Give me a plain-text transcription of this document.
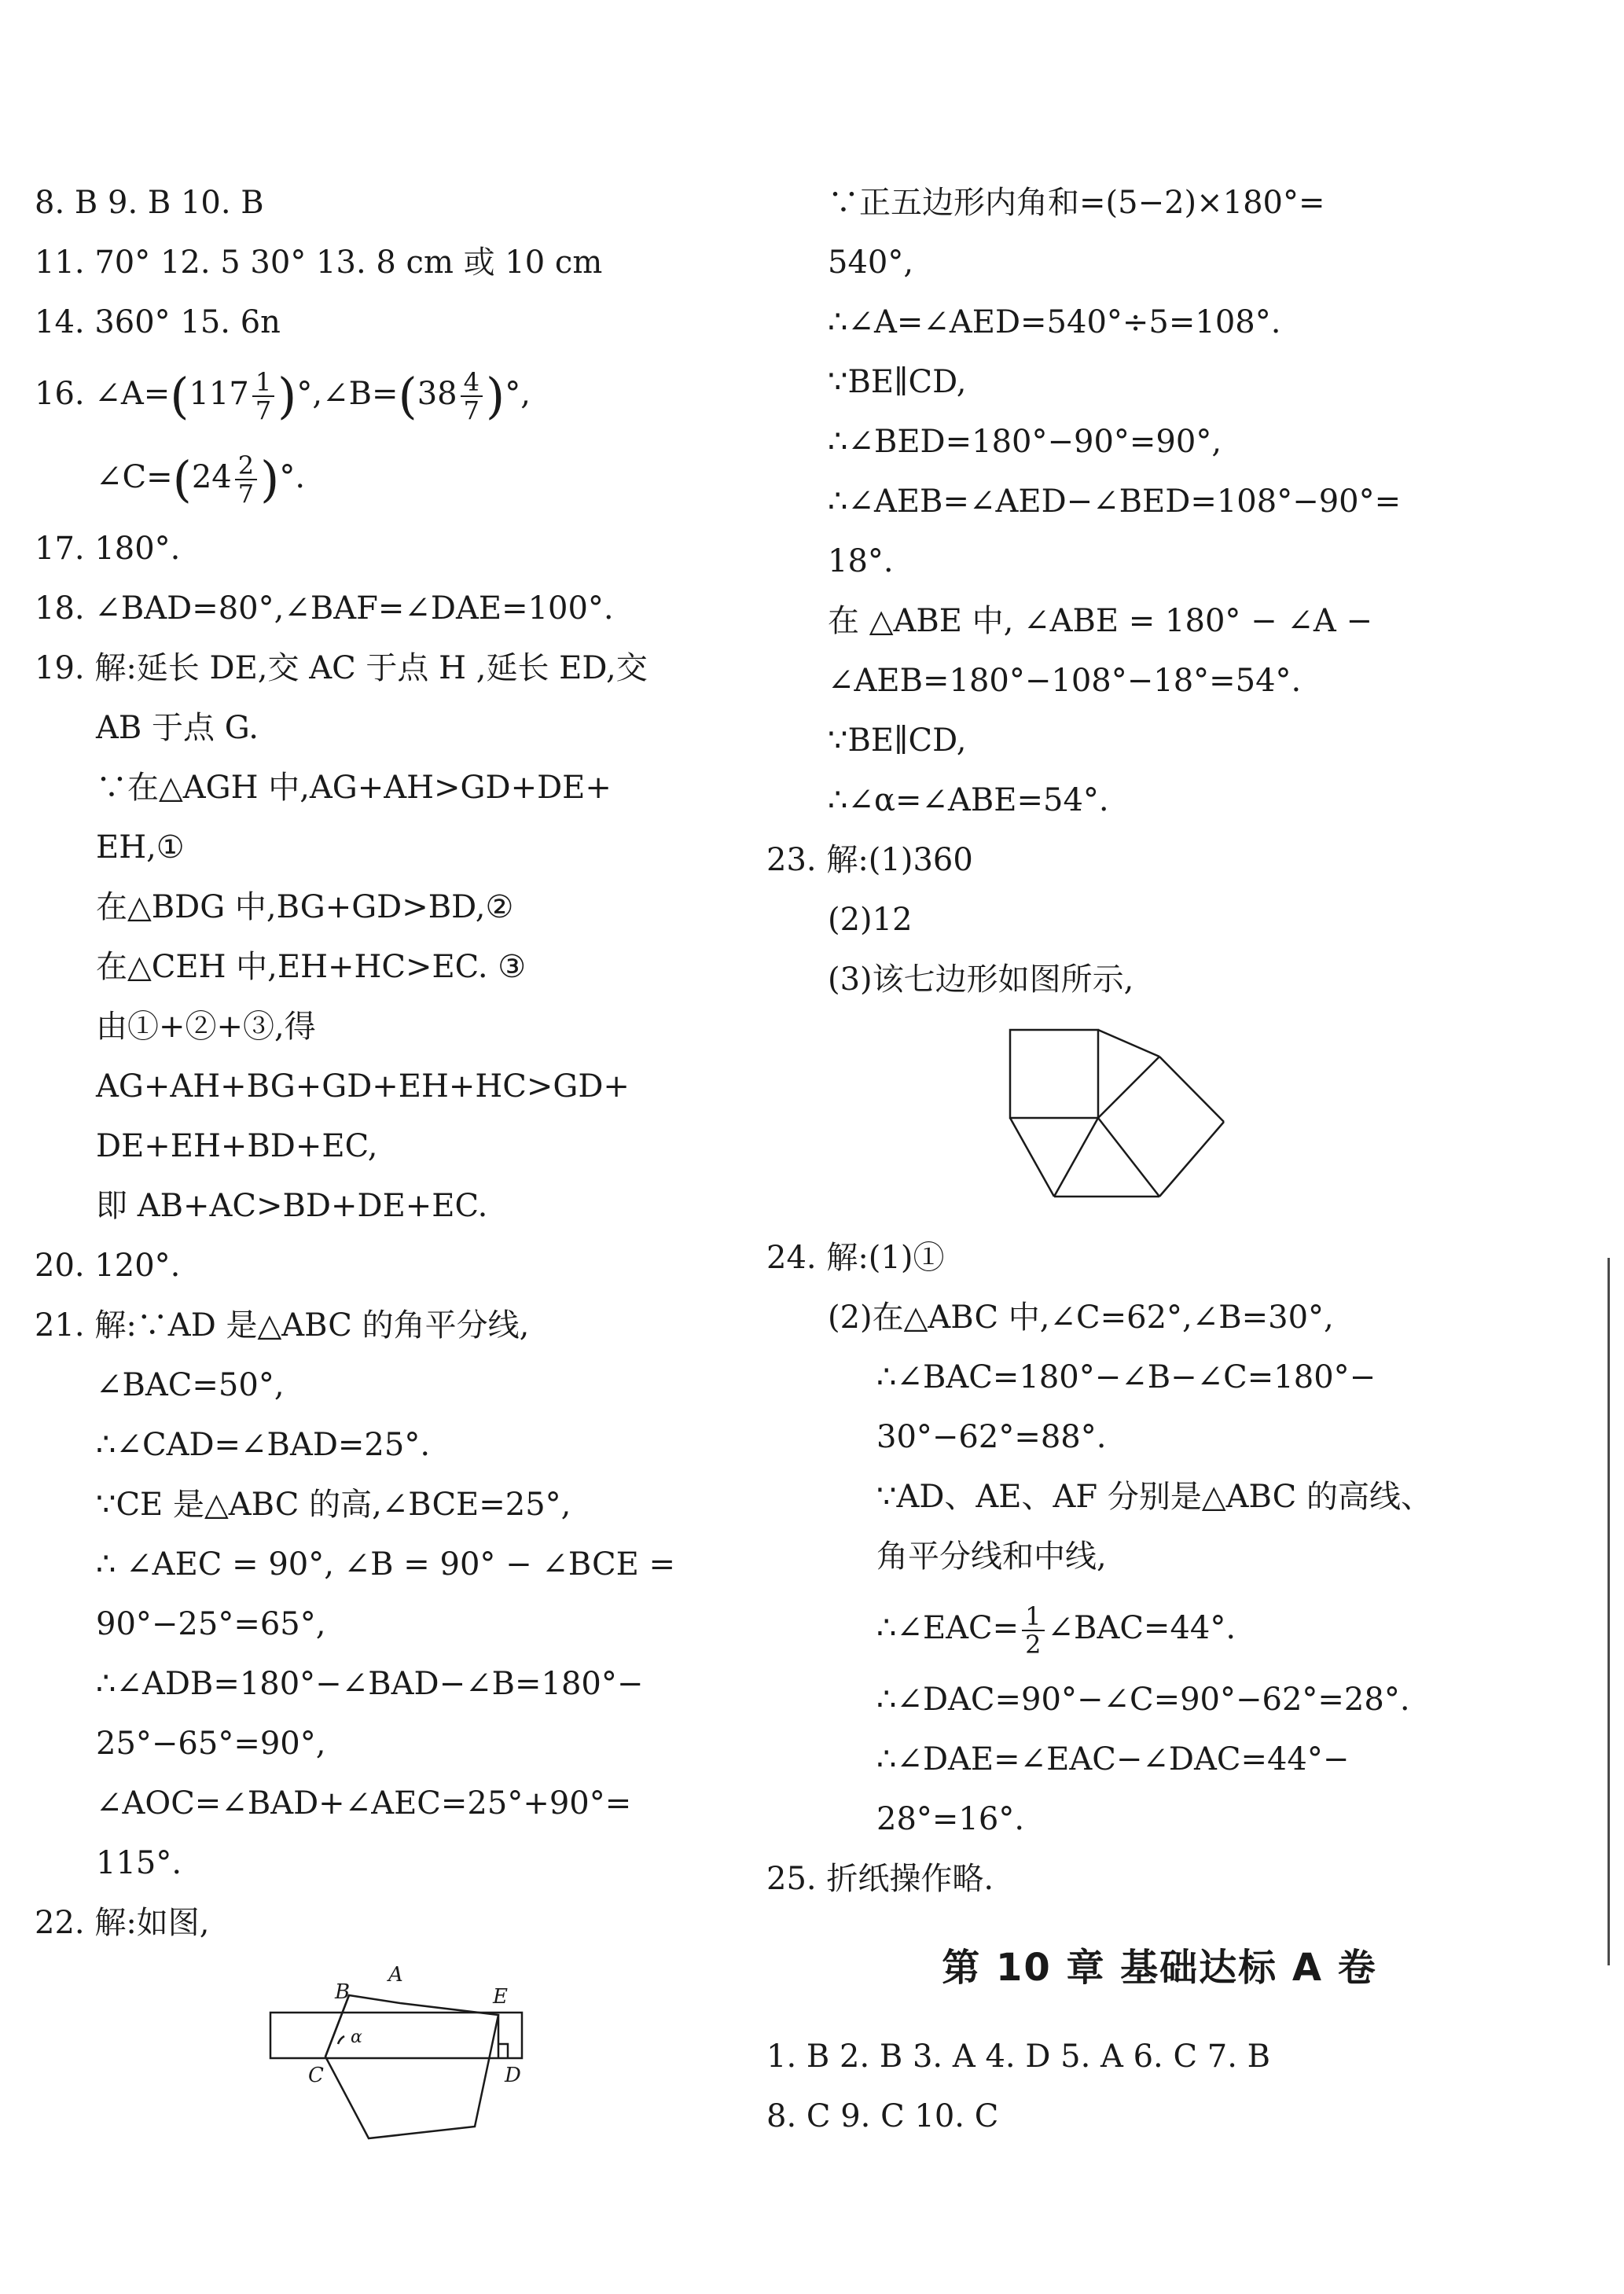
8. B 9. B 10. B
11. 70° 12. 5 30° 13. 8 cm 或 10 cm
14. 360° 15. 6n
16. ∠A=(117 $\frac{1}{7}$ )°,∠B=(38 $\frac{4}{7}$ )°,
∠C=(24 $\frac{2}{7}$ )°.
17. 180°.
18. ∠BAD=80°,∠BAF=∠DAE=100°.
19. 解:延长 DE,交 AC 于点 H ,延长 ED,交
AB 于点 G.
∵在△AGH 中,AG+AH>GD+DE+
EH,①
在△BDG 中,BG+GD>BD,②
在△CEH 中,EH+HC>EC. ③
由①+②+③,得
AG+AH+BG+GD+EH+HC>GD+
DE+EH+BD+EC,
即 AB+AC>BD+DE+EC.
20. 120°.
21. 解:∵AD 是△ABC 的角平分线,
∠BAC=50°,
∴∠CAD=∠BAD=25°.
∵CE 是△ABC 的高,∠BCE=25°,
∴ ∠AEC = 90°, ∠B = 90° − ∠BCE =
90°−25°=65°,
∴∠ADB=180°−∠BAD−∠B=180°−
25°−65°=90°,
∠AOC=∠BAD+∠AEC=25°+90°=
115°.
22. 解:如图,
A
B	E
C	D
α
∵正五边形内角和=(5−2)×180°=
540°,
∴∠A=∠AED=540°÷5=108°.
∵BE∥CD,
∴∠BED=180°−90°=90°,
∴∠AEB=∠AED−∠BED=108°−90°=
18°.
在 △ABE 中, ∠ABE = 180° − ∠A −
∠AEB=180°−108°−18°=54°.
∵BE∥CD,
∴∠α=∠ABE=54°.
23. 解:(1)360
(2)12
(3)该七边形如图所示,
24. 解:(1)①
(2)在△ABC 中,∠C=62°,∠B=30°,
∴∠BAC=180°−∠B−∠C=180°−
30°−62°=88°.
∵AD、AE、AF 分别是△ABC 的高线、
角平分线和中线,
∴∠EAC= $\frac{1}{2}$ ∠BAC=44°.
∴∠DAC=90°−∠C=90°−62°=28°.
∴∠DAE=∠EAC−∠DAC=44°−
28°=16°.
25. 折纸操作略.
第 10 章 基础达标 A 卷
1. B 2. B 3. A 4. D 5. A 6. C 7. B
8. C 9. C 10. C
